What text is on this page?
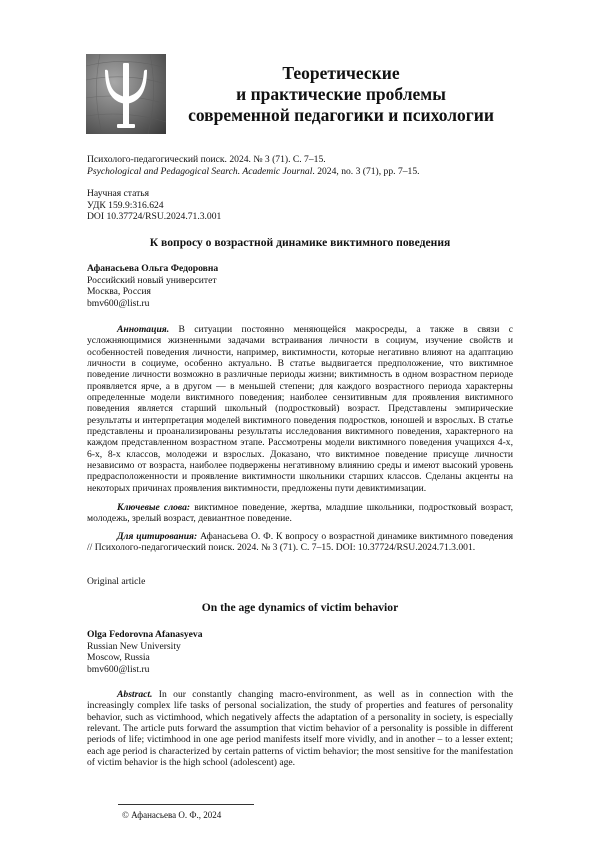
Теоретические
и практические проблемы
современной педагогики и психологии
Психолого-педагогический поиск. 2024. № 3 (71). С. 7–15.
Psychological and Pedagogical Search. Academic Journal. 2024, no. 3 (71), pp. 7–15.
Научная статья
УДК 159.9:316.624
DOI 10.37724/RSU.2024.71.3.001
К вопросу о возрастной динамике виктимного поведения
Афанасьева Ольга Федоровна
Российский новый университет
Москва, Россия
bmv600@list.ru
Аннотация. В ситуации постоянно меняющейся макросреды, а также в связи с усложняющимися жизненными задачами встраивания личности в социум, изучение свойств и особенностей поведения личности, например, виктимности, которые негативно влияют на адаптацию личности в социуме, особенно актуально. В статье выдвигается предположение, что виктимное поведение личности возможно в различные периоды жизни; виктимность в одном возрастном периоде проявляется ярче, а в другом — в меньшей степени; для каждого возрастного периода характерны определенные модели виктимного поведения; наиболее сензитивным для проявления виктимного поведения является старший школьный (подростковый) возраст. Представлены эмпирические результаты и интерпретация моделей виктимного поведения подростков, юношей и взрослых. В статье представлены и проанализированы результаты исследования виктимного поведения, характерного на каждом представленном возрастном этапе. Рассмотрены модели виктимного поведения учащихся 4-х, 6-х, 8-х классов, молодежи и взрослых. Доказано, что виктимное поведение присуще личности независимо от возраста, наиболее подвержены негативному влиянию среды и имеют высокий уровень предрасположенности и проявление виктимности школьники старших классов. Сделаны акценты на некоторых причинах проявления виктимности, предложены пути девиктимизации.
Ключевые слова: виктимное поведение, жертва, младшие школьники, подростковый возраст, молодежь, зрелый возраст, девиантное поведение.
Для цитирования: Афанасьева О. Ф. К вопросу о возрастной динамике виктимного поведения // Психолого-педагогический поиск. 2024. № 3 (71). С. 7–15. DOI: 10.37724/RSU.2024.71.3.001.
Original article
On the age dynamics of victim behavior
Olga Fedorovna Afanasyeva
Russian New University
Moscow, Russia
bmv600@list.ru
Abstract. In our constantly changing macro-environment, as well as in connection with the increasingly complex life tasks of personal socialization, the study of properties and features of personality behavior, such as victimhood, which negatively affects the adaptation of a personality in society, is especially relevant. The article puts forward the assumption that victim behavior of a personality is possible in different periods of life; victimhood in one age period manifests itself more vividly, and in another – to a lesser extent; each age period is characterized by certain patterns of victim behavior; the most sensitive for the manifestation of victim behavior is the high school (adolescent) age.
© Афанасьева О. Ф., 2024
